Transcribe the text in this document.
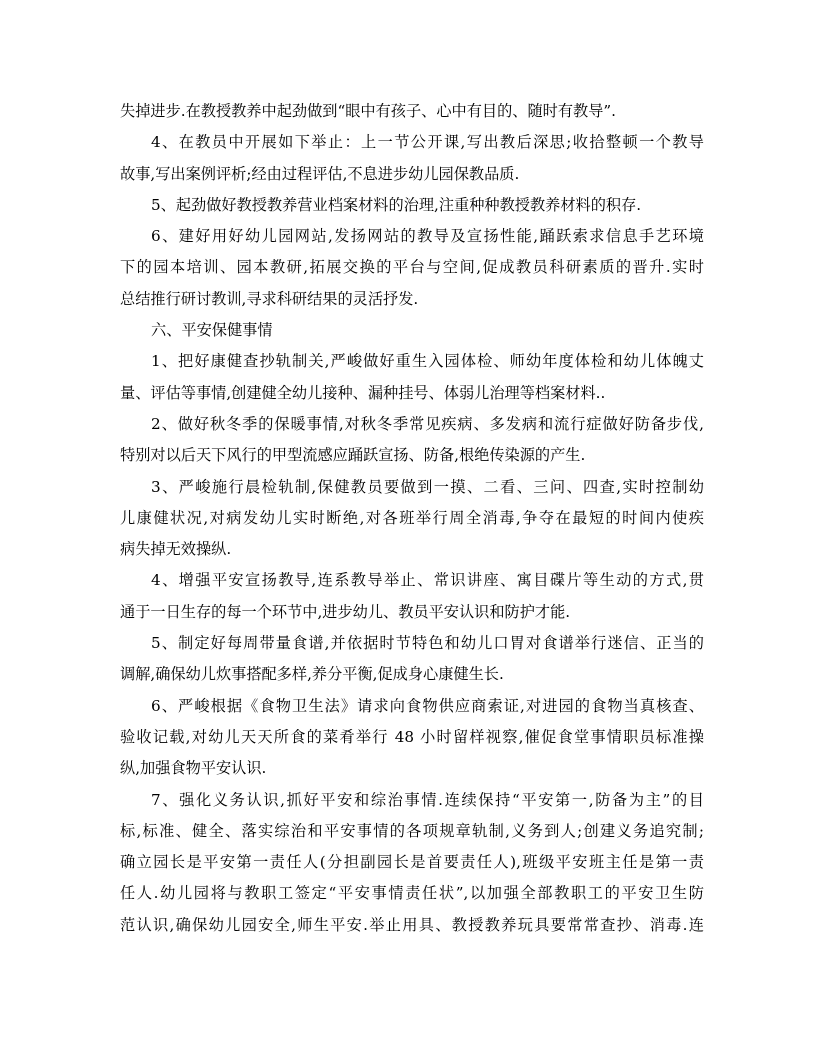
失掉进步.在教授教养中起劲做到“眼中有孩子、心中有目的、随时有教导”.
4、在教员中开展如下举止：上一节公开课,写出教后深思;收拾整顿一个教导
故事,写出案例评析;经由过程评估,不息进步幼儿园保教品质.
5、起劲做好教授教养营业档案材料的治理,注重种种教授教养材料的积存.
6、建好用好幼儿园网站,发扬网站的教导及宣扬性能,踊跃索求信息手艺环境
下的园本培训、园本教研,拓展交换的平台与空间,促成教员科研素质的晋升.实时
总结推行研讨教训,寻求科研结果的灵活抒发.
六、平安保健事情
1、把好康健查抄轨制关,严峻做好重生入园体检、师幼年度体检和幼儿体魄丈
量、评估等事情,创建健全幼儿接种、漏种挂号、体弱儿治理等档案材料..
2、做好秋冬季的保暖事情,对秋冬季常见疾病、多发病和流行症做好防备步伐,
特别对以后天下风行的甲型流感应踊跃宣扬、防备,根绝传染源的产生.
3、严峻施行晨检轨制,保健教员要做到一摸、二看、三问、四查,实时控制幼
儿康健状况,对病发幼儿实时断绝,对各班举行周全消毒,争夺在最短的时间内使疾
病失掉无效操纵.
4、增强平安宣扬教导,连系教导举止、常识讲座、寓目碟片等生动的方式,贯
通于一日生存的每一个环节中,进步幼儿、教员平安认识和防护才能.
5、制定好每周带量食谱,并依据时节特色和幼儿口胃对食谱举行迷信、正当的
调解,确保幼儿炊事搭配多样,养分平衡,促成身心康健生长.
6、严峻根据《食物卫生法》请求向食物供应商索证,对进园的食物当真核查、
验收记载,对幼儿天天所食的菜肴举行 48 小时留样视察,催促食堂事情职员标准操
纵,加强食物平安认识.
7、强化义务认识,抓好平安和综治事情.连续保持“平安第一,防备为主”的目
标,标准、健全、落实综治和平安事情的各项规章轨制,义务到人;创建义务追究制;
确立园长是平安第一责任人(分担副园长是首要责任人),班级平安班主任是第一责
任人.幼儿园将与教职工签定“平安事情责任状”,以加强全部教职工的平安卫生防
范认识,确保幼儿园安全,师生平安.举止用具、教授教养玩具要常常查抄、消毒.连
